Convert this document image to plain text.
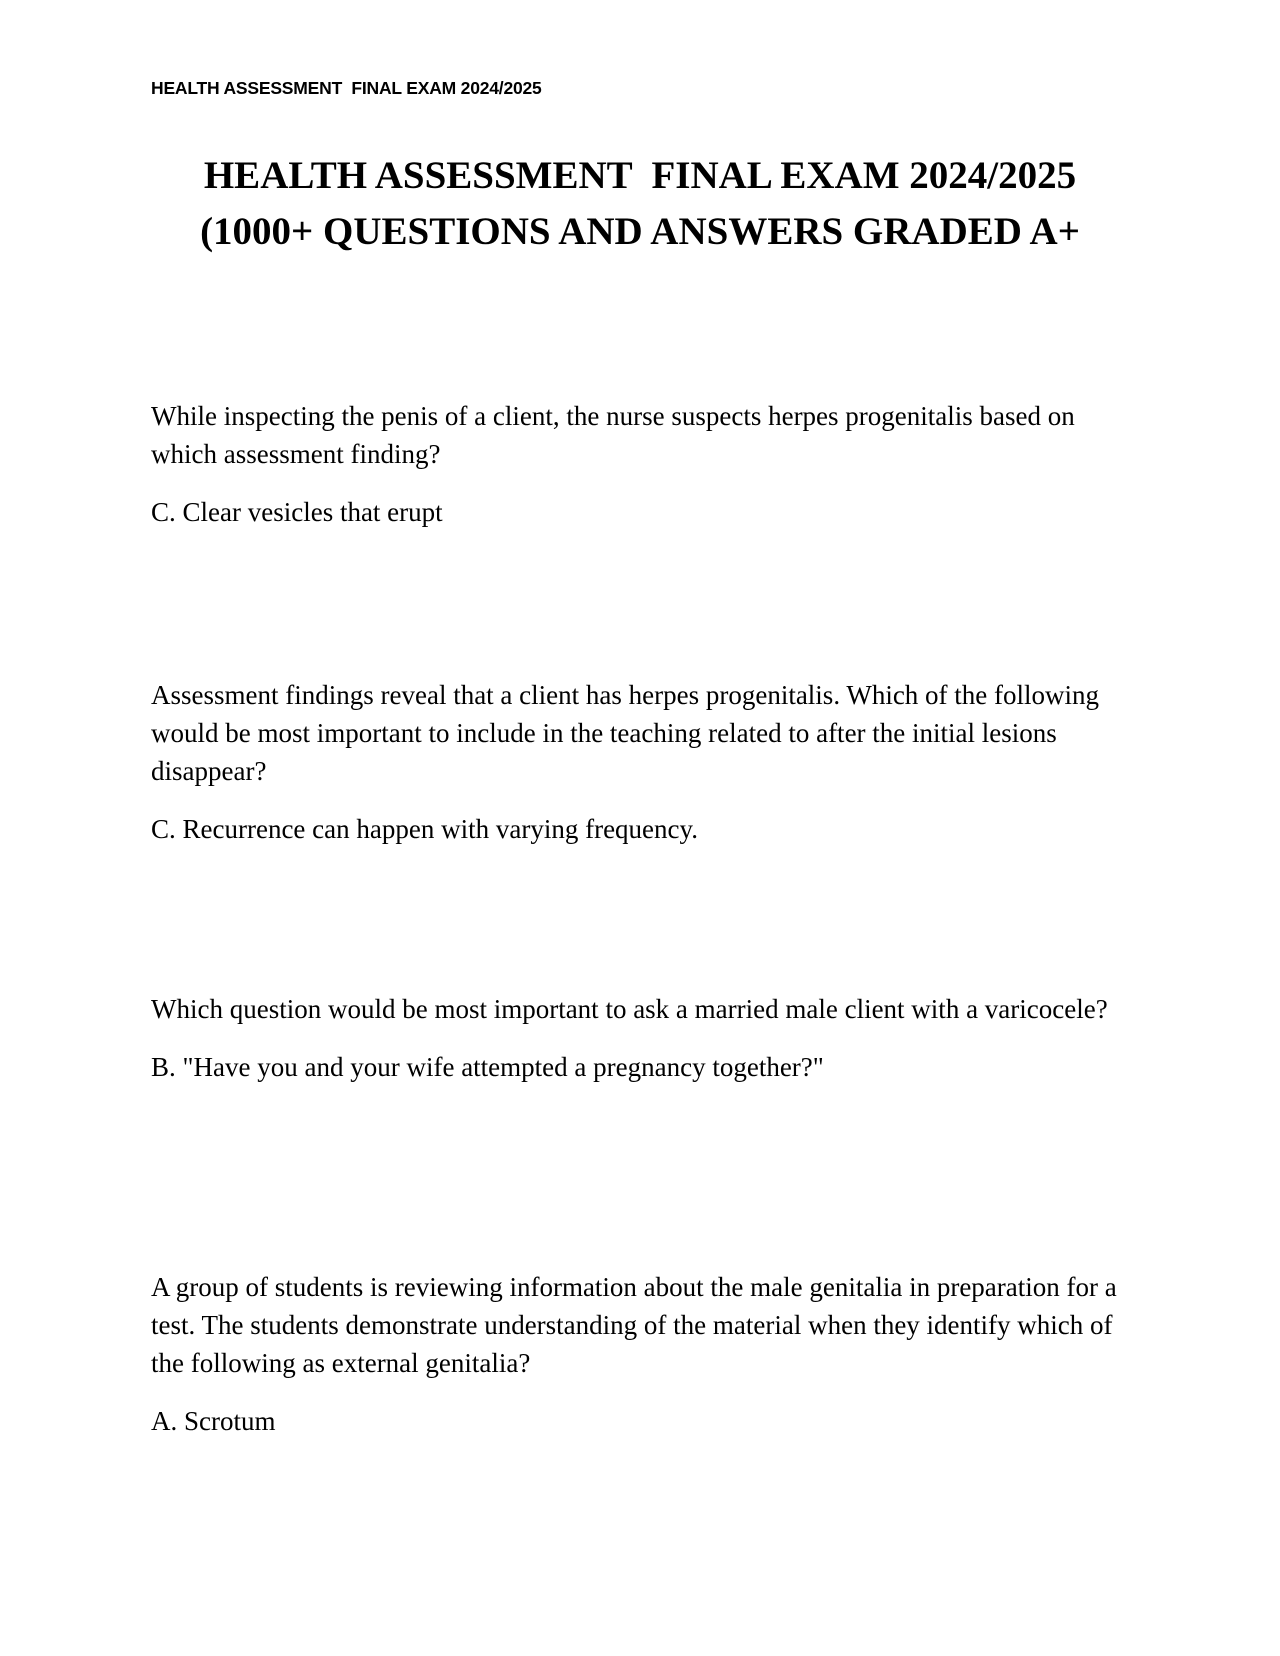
HEALTH ASSESSMENT  FINAL EXAM 2024/2025
HEALTH ASSESSMENT  FINAL EXAM 2024/2025
(1000+ QUESTIONS AND ANSWERS GRADED A+

While inspecting the penis of a client, the nurse suspects herpes progenitalis based on which assessment finding?

C. Clear vesicles that erupt

Assessment findings reveal that a client has herpes progenitalis. Which of the following would be most important to include in the teaching related to after the initial lesions disappear?

C. Recurrence can happen with varying frequency.

Which question would be most important to ask a married male client with a varicocele?

B. "Have you and your wife attempted a pregnancy together?"

A group of students is reviewing information about the male genitalia in preparation for a test. The students demonstrate understanding of the material when they identify which of the following as external genitalia?

A. Scrotum
